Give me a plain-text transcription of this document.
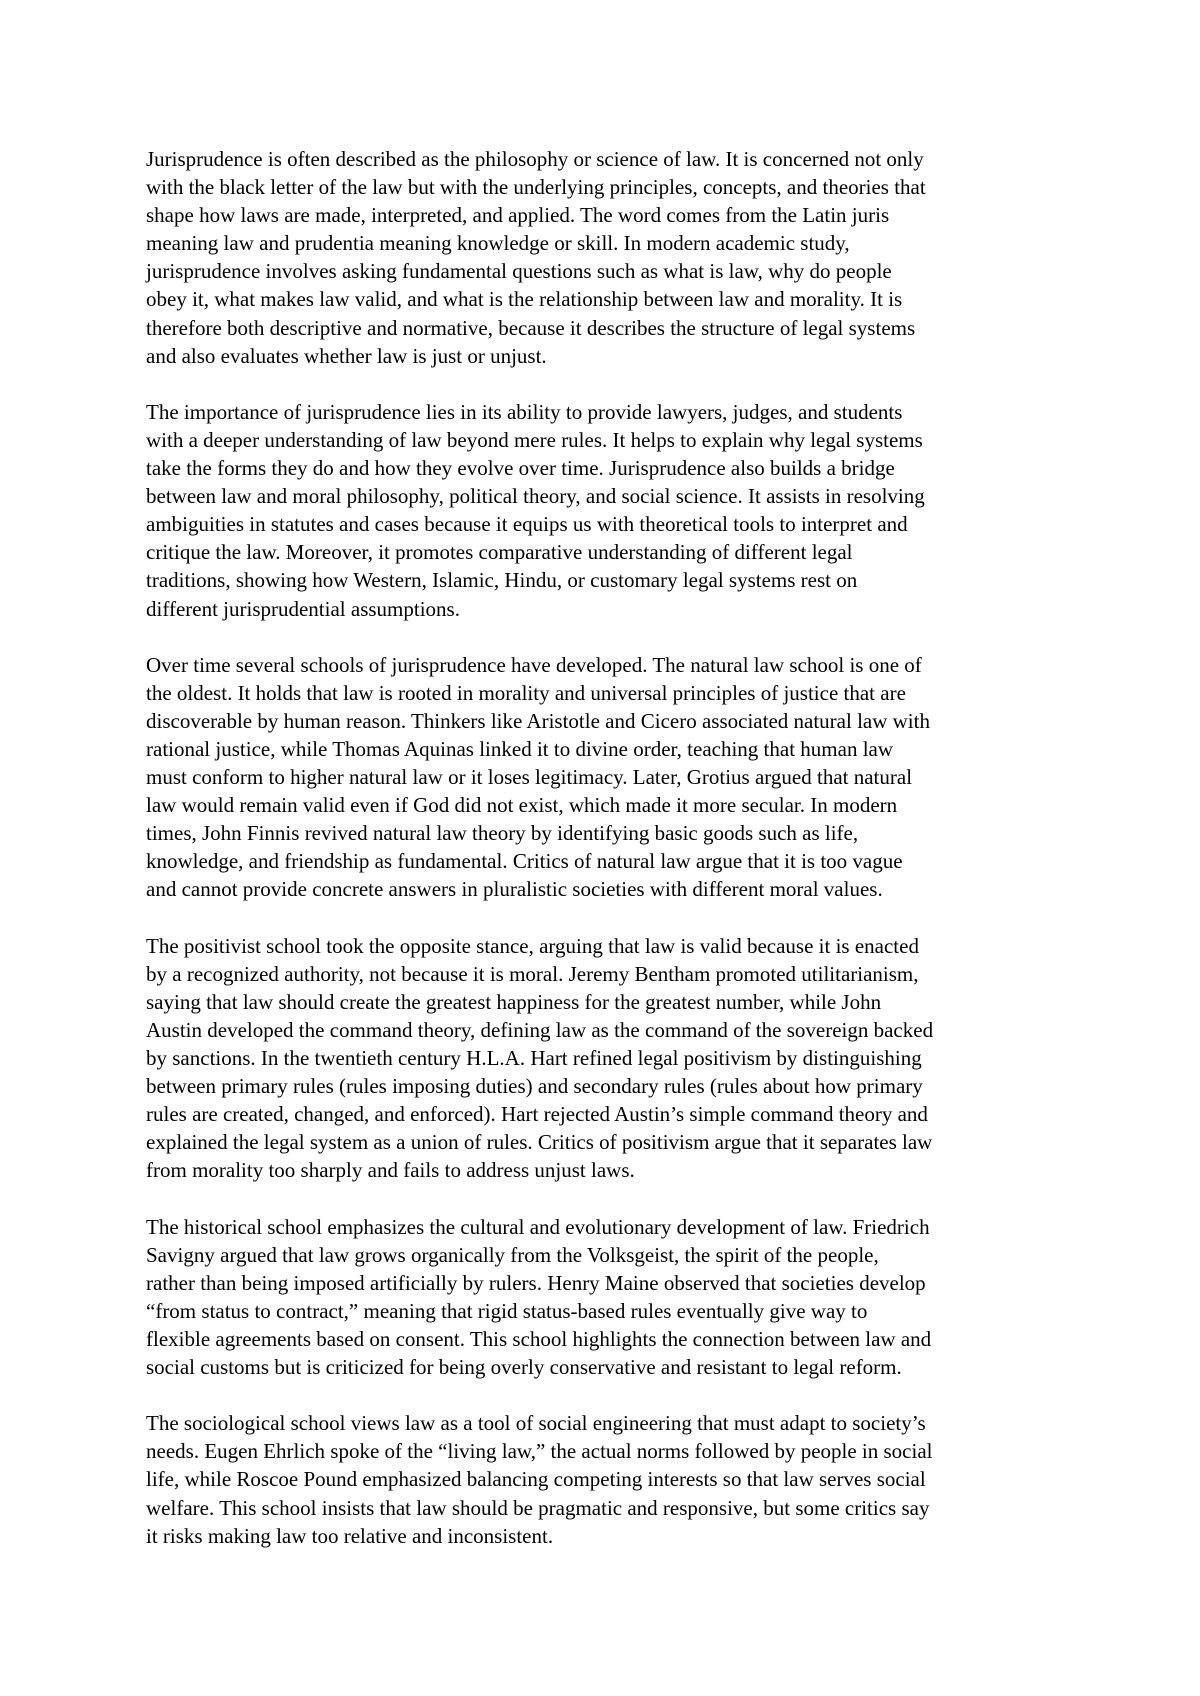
Jurisprudence is often described as the philosophy or science of law. It is concerned not only
with the black letter of the law but with the underlying principles, concepts, and theories that
shape how laws are made, interpreted, and applied. The word comes from the Latin juris
meaning law and prudentia meaning knowledge or skill. In modern academic study,
jurisprudence involves asking fundamental questions such as what is law, why do people
obey it, what makes law valid, and what is the relationship between law and morality. It is
therefore both descriptive and normative, because it describes the structure of legal systems
and also evaluates whether law is just or unjust.

The importance of jurisprudence lies in its ability to provide lawyers, judges, and students
with a deeper understanding of law beyond mere rules. It helps to explain why legal systems
take the forms they do and how they evolve over time. Jurisprudence also builds a bridge
between law and moral philosophy, political theory, and social science. It assists in resolving
ambiguities in statutes and cases because it equips us with theoretical tools to interpret and
critique the law. Moreover, it promotes comparative understanding of different legal
traditions, showing how Western, Islamic, Hindu, or customary legal systems rest on
different jurisprudential assumptions.

Over time several schools of jurisprudence have developed. The natural law school is one of
the oldest. It holds that law is rooted in morality and universal principles of justice that are
discoverable by human reason. Thinkers like Aristotle and Cicero associated natural law with
rational justice, while Thomas Aquinas linked it to divine order, teaching that human law
must conform to higher natural law or it loses legitimacy. Later, Grotius argued that natural
law would remain valid even if God did not exist, which made it more secular. In modern
times, John Finnis revived natural law theory by identifying basic goods such as life,
knowledge, and friendship as fundamental. Critics of natural law argue that it is too vague
and cannot provide concrete answers in pluralistic societies with different moral values.

The positivist school took the opposite stance, arguing that law is valid because it is enacted
by a recognized authority, not because it is moral. Jeremy Bentham promoted utilitarianism,
saying that law should create the greatest happiness for the greatest number, while John
Austin developed the command theory, defining law as the command of the sovereign backed
by sanctions. In the twentieth century H.L.A. Hart refined legal positivism by distinguishing
between primary rules (rules imposing duties) and secondary rules (rules about how primary
rules are created, changed, and enforced). Hart rejected Austin’s simple command theory and
explained the legal system as a union of rules. Critics of positivism argue that it separates law
from morality too sharply and fails to address unjust laws.

The historical school emphasizes the cultural and evolutionary development of law. Friedrich
Savigny argued that law grows organically from the Volksgeist, the spirit of the people,
rather than being imposed artificially by rulers. Henry Maine observed that societies develop
“from status to contract,” meaning that rigid status-based rules eventually give way to
flexible agreements based on consent. This school highlights the connection between law and
social customs but is criticized for being overly conservative and resistant to legal reform.

The sociological school views law as a tool of social engineering that must adapt to society’s
needs. Eugen Ehrlich spoke of the “living law,” the actual norms followed by people in social
life, while Roscoe Pound emphasized balancing competing interests so that law serves social
welfare. This school insists that law should be pragmatic and responsive, but some critics say
it risks making law too relative and inconsistent.
